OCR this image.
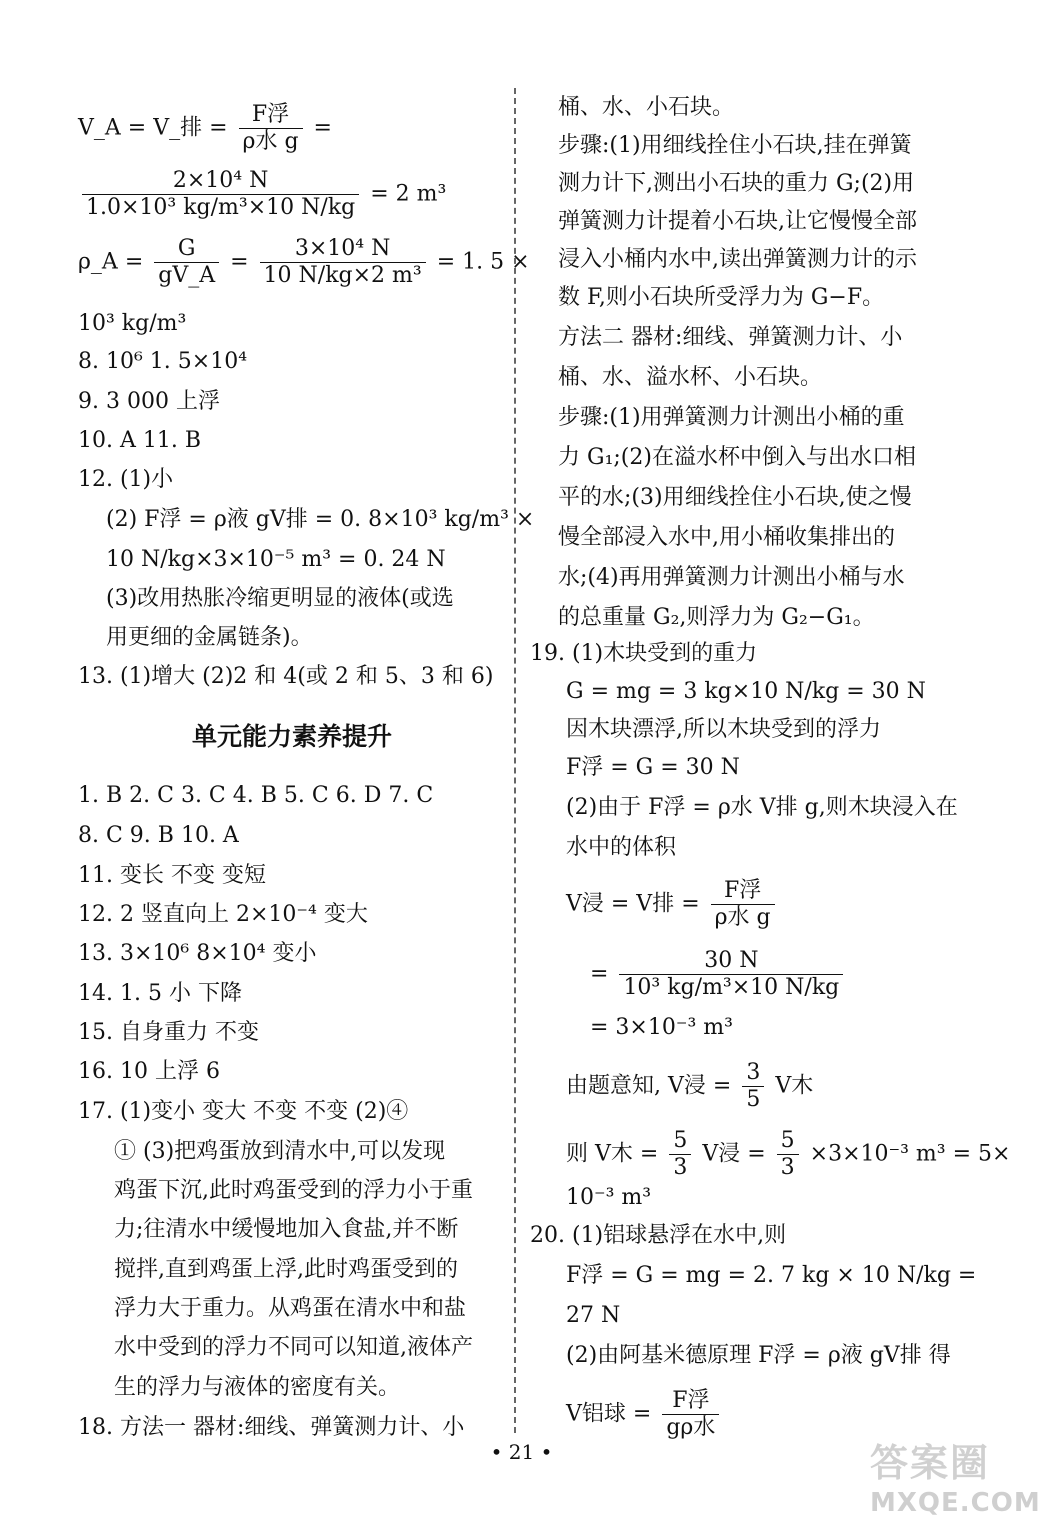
V_A = V_排 = $\frac{\text{F浮}}{\text{ρ水 g}}$ =
$\frac{\text{2×10⁴ N}}{\text{1.0×10³ kg/m³×10 N/kg}} = 2$ m³
ρ_A = $\frac{G}{gV\_A} = \frac{\text{3×10⁴ N}}{\text{10 N/kg×2 m³}} = 1$. 5 ×
10³ kg/m³
8. 10⁶ 1. 5×10⁴
9. 3 000 上浮
10. A 11. B
12. (1)小
(2) F浮 = ρ液 gV排 = 0. 8×10³ kg/m³ ×
10 N/kg×3×10⁻⁵ m³ = 0. 24 N
(3)改用热胀冷缩更明显的液体(或选
用更细的金属链条)。
13. (1)增大 (2)2 和 4(或 2 和 5、3 和 6)
单元能力素养提升
1. B 2. C 3. C 4. B 5. C 6. D 7. C
8. C 9. B 10. A
11. 变长 不变 变短
12. 2 竖直向上 2×10⁻⁴ 变大
13. 3×10⁶ 8×10⁴ 变小
14. 1. 5 小 下降
15. 自身重力 不变
16. 10 上浮 6
17. (1)变小 变大 不变 不变 (2)④
① (3)把鸡蛋放到清水中,可以发现
鸡蛋下沉,此时鸡蛋受到的浮力小于重
力;往清水中缓慢地加入食盐,并不断
搅拌,直到鸡蛋上浮,此时鸡蛋受到的
浮力大于重力。从鸡蛋在清水中和盐
水中受到的浮力不同可以知道,液体产
生的浮力与液体的密度有关。
18. 方法一 器材:细线、弹簧测力计、小
桶、水、小石块。
步骤:(1)用细线拴住小石块,挂在弹簧
测力计下,测出小石块的重力 G;(2)用
弹簧测力计提着小石块,让它慢慢全部
浸入小桶内水中,读出弹簧测力计的示
数 F,则小石块所受浮力为 G−F。
方法二 器材:细线、弹簧测力计、小
桶、水、溢水杯、小石块。
步骤:(1)用弹簧测力计测出小桶的重
力 G₁;(2)在溢水杯中倒入与出水口相
平的水;(3)用细线拴住小石块,使之慢
慢全部浸入水中,用小桶收集排出的
水;(4)再用弹簧测力计测出小桶与水
的总重量 G₂,则浮力为 G₂−G₁。
19. (1)木块受到的重力
G = mg = 3 kg×10 N/kg = 30 N
因木块漂浮,所以木块受到的浮力
F浮 = G = 30 N
(2)由于 F浮 = ρ水 V排 g,则木块浸入在
水中的体积
V浸 = V排 = $\frac{\text{F浮}}{\text{ρ水 g}}$
= $\frac{30 N}{\text{10³ kg/m³×10 N/kg}}$
= 3×10⁻³ m³
由题意知, V浸 = $\frac{3}{5}$ V木
则 V木 = $\frac{5}{3}$ V浸 = $\frac{5}{3} \times 3\times 10^{-3}$ m³ = 5×
10⁻³ m³
20. (1)铝球悬浮在水中,则
F浮 = G = mg = 2. 7 kg × 10 N/kg =
27 N
(2)由阿基米德原理 F浮 = ρ液 gV排 得
V铝球 = $\frac{\text{F浮}}{\text{gρ水}}$
• 21 •	答案圈
MXQE.COM
